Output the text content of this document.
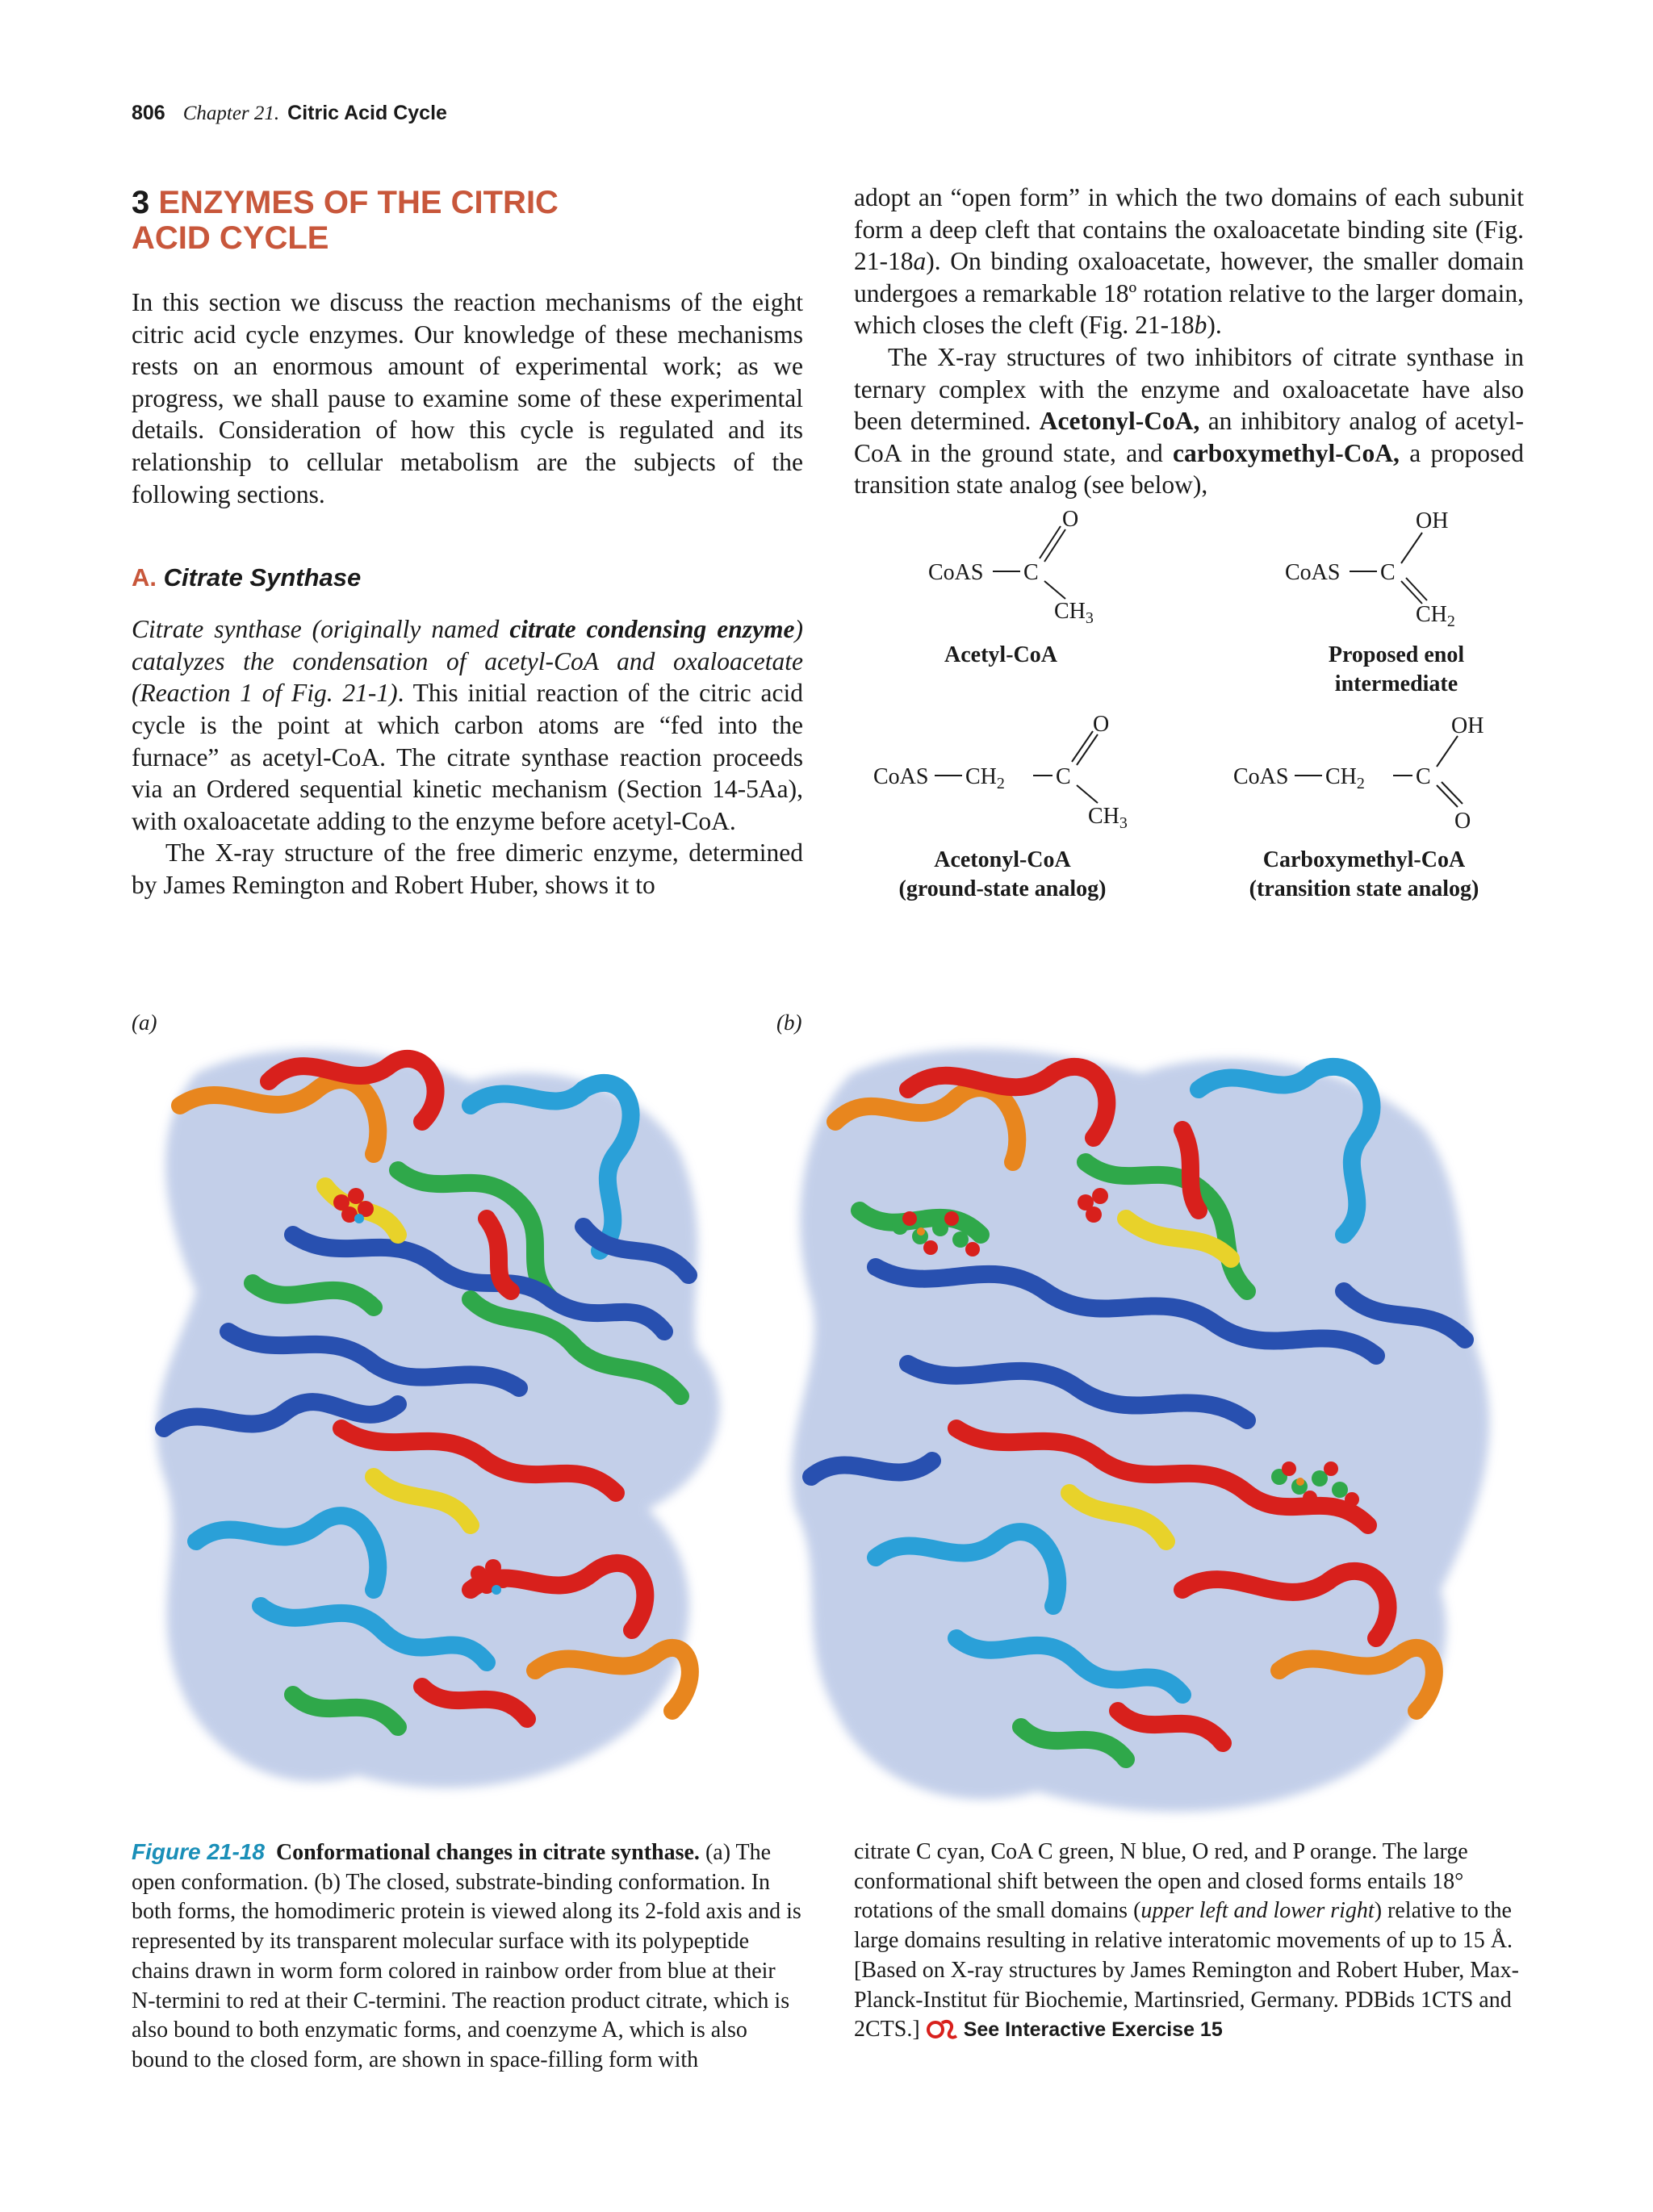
806 Chapter 21. Citric Acid Cycle
3 ENZYMES OF THE CITRIC
ACID CYCLE

In this section we discuss the reaction mechanisms of the eight citric acid cycle enzymes. Our knowledge of these mechanisms rests on an enormous amount of experimental work; as we progress, we shall pause to examine some of these experimental details. Consideration of how this cycle is regulated and its relationship to cellular metabolism are the subjects of the following sections.

A. Citrate Synthase

Citrate synthase (originally named citrate condensing enzyme) catalyzes the condensation of acetyl-CoA and oxaloacetate (Reaction 1 of Fig. 21-1). This initial reaction of the citric acid cycle is the point at which carbon atoms are “fed into the furnace” as acetyl-CoA. The citrate synthase reaction proceeds via an Ordered sequential kinetic mechanism (Section 14-5Aa), with oxaloacetate adding to the enzyme before acetyl-CoA.

The X-ray structure of the free dimeric enzyme, determined by James Remington and Robert Huber, shows it to

adopt an “open form” in which the two domains of each subunit form a deep cleft that contains the oxaloacetate binding site (Fig. 21-18a). On binding oxaloacetate, however, the smaller domain undergoes a remarkable 18º rotation relative to the larger domain, which closes the cleft (Fig. 21-18b).

The X-ray structures of two inhibitors of citrate synthase in ternary complex with the enzyme and oxaloacetate have also been determined. Acetonyl-CoA, an inhibitory analog of acetyl-CoA in the ground state, and carboxymethyl-CoA, a proposed transition state analog (see below),

CoAS C
O
$CH_3$
CoAS C
OH
$CH_2$
CoAS $CH_2$ C
O
$CH_3$
CoAS $CH_2$ C
OH
O
Acetyl-CoA	Proposed enol
intermediate
Acetonyl-CoA
(ground-state analog)
Carboxymethyl-CoA
(transition state analog)
(a)	(b)

Figure 21-18 Conformational changes in citrate synthase. (a) The open conformation. (b) The closed, substrate-binding conformation. In both forms, the homodimeric protein is viewed along its 2-fold axis and is represented by its transparent molecular surface with its polypeptide chains drawn in worm form colored in rainbow order from blue at their N-termini to red at their C-termini. The reaction product citrate, which is also bound to both enzymatic forms, and coenzyme A, which is also bound to the closed form, are shown in space-filling form with

citrate C cyan, CoA C green, N blue, O red, and P orange. The large conformational shift between the open and closed forms entails 18° rotations of the small domains (upper left and lower right) relative to the large domains resulting in relative interatomic movements of up to 15 Å. [Based on X-ray structures by James Remington and Robert Huber, Max-Planck-Institut für Biochemie, Martinsried, Germany. PDBids 1CTS and 2CTS.] See Interactive Exercise 15
